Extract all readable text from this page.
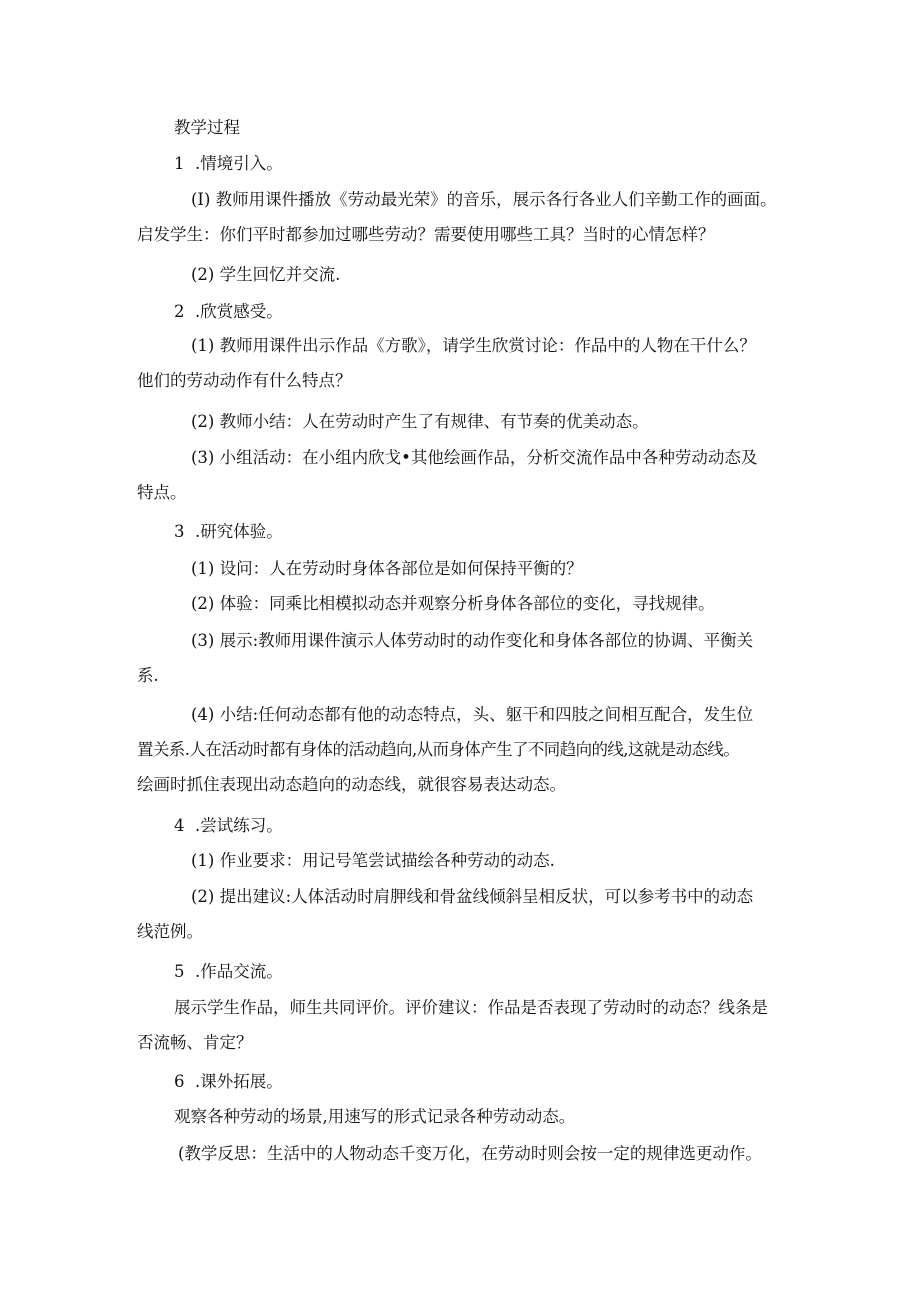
教学过程

1  .情境引入。

(I) 教师用课件播放《劳动最光荣》的音乐，展示各行各业人们辛勤工作的画面。
启发学生：你们平时都参加过哪些劳动？需要使用哪些工具？当时的心情怎样？

(2) 学生回忆并交流.

2  .欣赏感受。

(1) 教师用课件出示作品《方歌》，请学生欣赏讨论：作品中的人物在干什么？
他们的劳动动作有什么特点？

(2) 教师小结：人在劳动时产生了有规律、有节奏的优美动态。

(3) 小组活动：在小组内欣戈•其他绘画作品，分析交流作品中各种劳动动态及
特点。

3  .研究体验。

(1) 设问：人在劳动时身体各部位是如何保持平衡的？

(2) 体验：同乘比相模拟动态并观察分析身体各部位的变化，寻找规律。

(3) 展示:教师用课件演示人体劳动时的动作变化和身体各部位的协调、平衡关
系.

(4) 小结:任何动态都有他的动态特点，头、躯干和四肢之间相互配合，发生位
置关系.人在活动时都有身体的活动趋向,从而身体产生了不同趋向的线,这就是动态线。
绘画时抓住表现出动态趋向的动态线，就很容易表达动态。

4  .尝试练习。

(1) 作业要求：用记号笔尝试描绘各种劳动的动态.

(2) 提出建议:人体活动时肩胛线和骨盆线倾斜呈相反状，可以参考书中的动态
线范例。

5  .作品交流。

展示学生作品，师生共同评价。评价建议：作品是否表现了劳动时的动态？线条是
否流畅、肯定？

6  .课外拓展。

观察各种劳动的场景,用速写的形式记录各种劳动动态。

(教学反思：生活中的人物动态千变万化，在劳动时则会按一定的规律选更动作。
